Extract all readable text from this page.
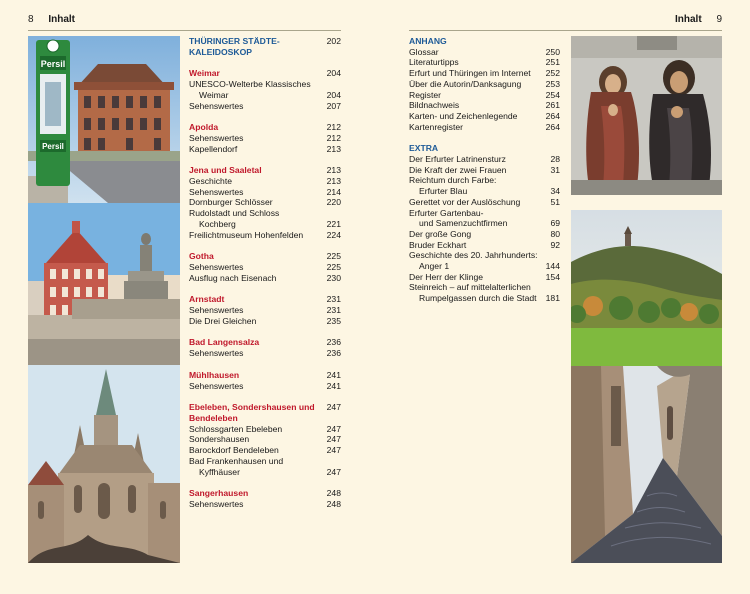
8 Inhalt	Inhalt 9
Persil
Persil
THÜRINGER STÄDTE-KALEIDOSKOP
202
Weimar	204
UNESCO-Welterbe Klassisches
Weimar	204
Sehenswertes	207
Apolda	212
Sehenswertes	212
Kapellendorf	213
Jena und Saaletal	213
Geschichte	213
Sehenswertes	214
Dornburger Schlösser	220
Rudolstadt und Schloss
Kochberg	221
Freilichtmuseum Hohenfelden	224
Gotha	225
Sehenswertes	225
Ausflug nach Eisenach	230
Arnstadt	231
Sehenswertes	231
Die Drei Gleichen	235
Bad Langensalza	236
Sehenswertes	236
Mühlhausen	241
Sehenswertes	241
Ebeleben, Sondershausen und Bendeleben
247
Schlossgarten Ebeleben	247
Sondershausen	247
Barockdorf Bendeleben	247
Bad Frankenhausen und
Kyffhäuser	247
Sangerhausen	248
Sehenswertes	248
ANHANG
Glossar	250
Literaturtipps	251
Erfurt und Thüringen im Internet	252
Über die Autorin/Danksagung	253
Register	254
Bildnachweis	261
Karten- und Zeichenlegende	264
Kartenregister	264
EXTRA
Der Erfurter Latrinensturz	28
Die Kraft der zwei Frauen	31
Reichtum durch Farbe:
Erfurter Blau	34
Gerettet vor der Auslöschung	51
Erfurter Gartenbau-
und Samenzuchtfirmen	69
Der große Gong	80
Bruder Eckhart	92
Geschichte des 20. Jahrhunderts:
Anger 1	144
Der Herr der Klinge	154
Steinreich – auf mittelalterlichen
Rumpelgassen durch die Stadt	181
